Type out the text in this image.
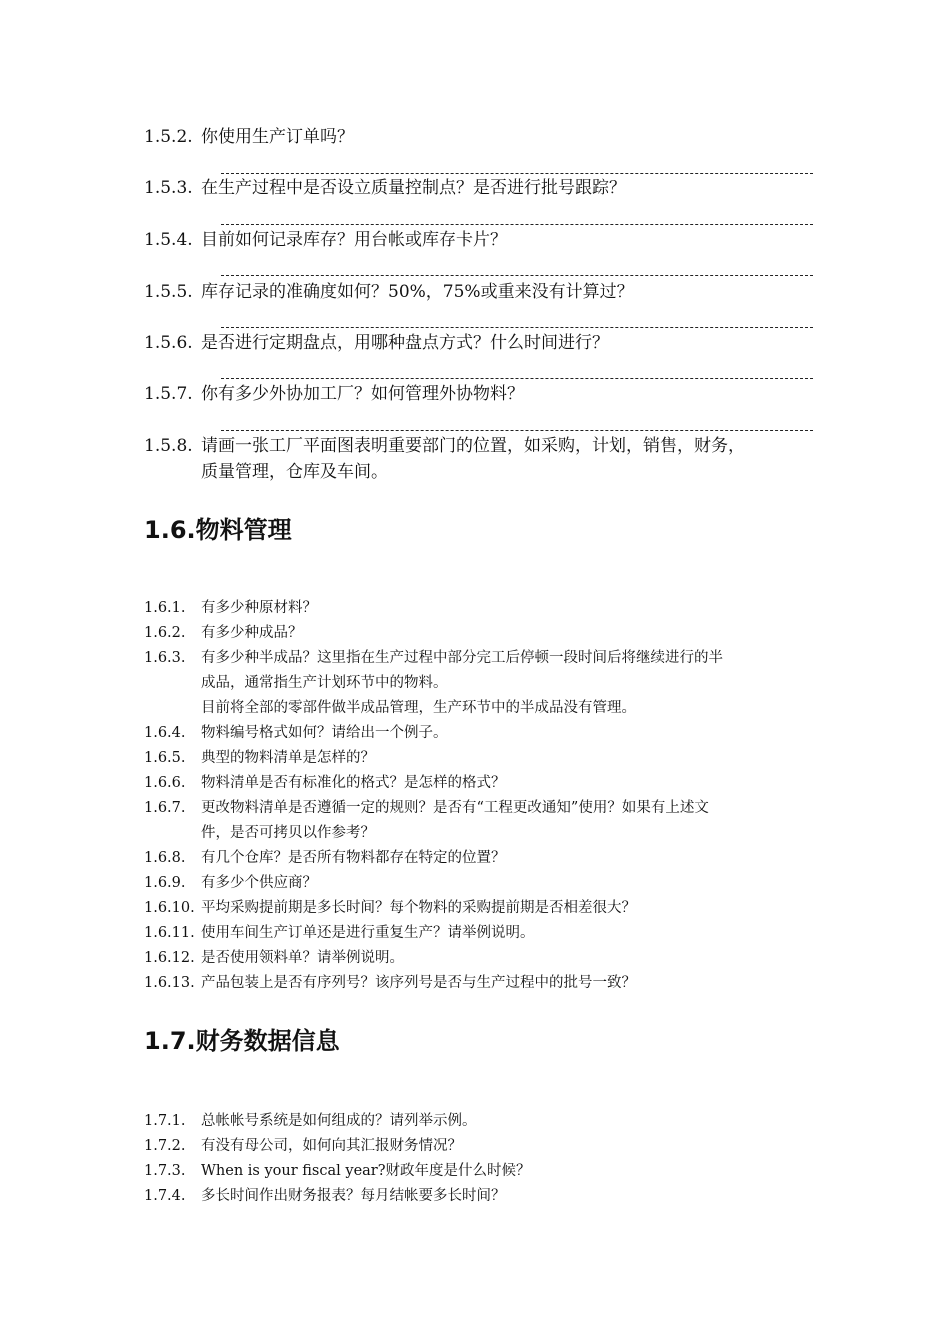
1.5.2. 你使用生产订单吗？
1.5.3. 在生产过程中是否设立质量控制点？是否进行批号跟踪？
1.5.4. 目前如何记录库存？用台帐或库存卡片？
1.5.5. 库存记录的准确度如何？50%，75%或重来没有计算过？
1.5.6. 是否进行定期盘点，用哪种盘点方式？什么时间进行？
1.5.7. 你有多少外协加工厂？如何管理外协物料？
1.5.8. 请画一张工厂平面图表明重要部门的位置，如采购，计划，销售，财务，
质量管理，仓库及车间。
1.6.物料管理
1.6.1.	有多少种原材料？
1.6.2.	有多少种成品？
1.6.3.	有多少种半成品？这里指在生产过程中部分完工后停顿一段时间后将继续进行的半
成品，通常指生产计划环节中的物料。
目前将全部的零部件做半成品管理，生产环节中的半成品没有管理。
1.6.4.	物料编号格式如何？请给出一个例子。
1.6.5.	典型的物料清单是怎样的？
1.6.6.	物料清单是否有标准化的格式？是怎样的格式？
1.6.7.	更改物料清单是否遵循一定的规则？是否有“工程更改通知”使用？如果有上述文
件，是否可拷贝以作参考？
1.6.8.	有几个仓库？是否所有物料都存在特定的位置？
1.6.9.	有多少个供应商？
1.6.10. 平均采购提前期是多长时间？每个物料的采购提前期是否相差很大？
1.6.11. 使用车间生产订单还是进行重复生产？请举例说明。
1.6.12. 是否使用领料单？请举例说明。
1.6.13. 产品包装上是否有序列号？该序列号是否与生产过程中的批号一致？
1.7.财务数据信息
1.7.1.	总帐帐号系统是如何组成的？请列举示例。
1.7.2.	有没有母公司，如何向其汇报财务情况？
1.7.3.	When is your fiscal year?财政年度是什么时候？
1.7.4.	多长时间作出财务报表？每月结帐要多长时间？
